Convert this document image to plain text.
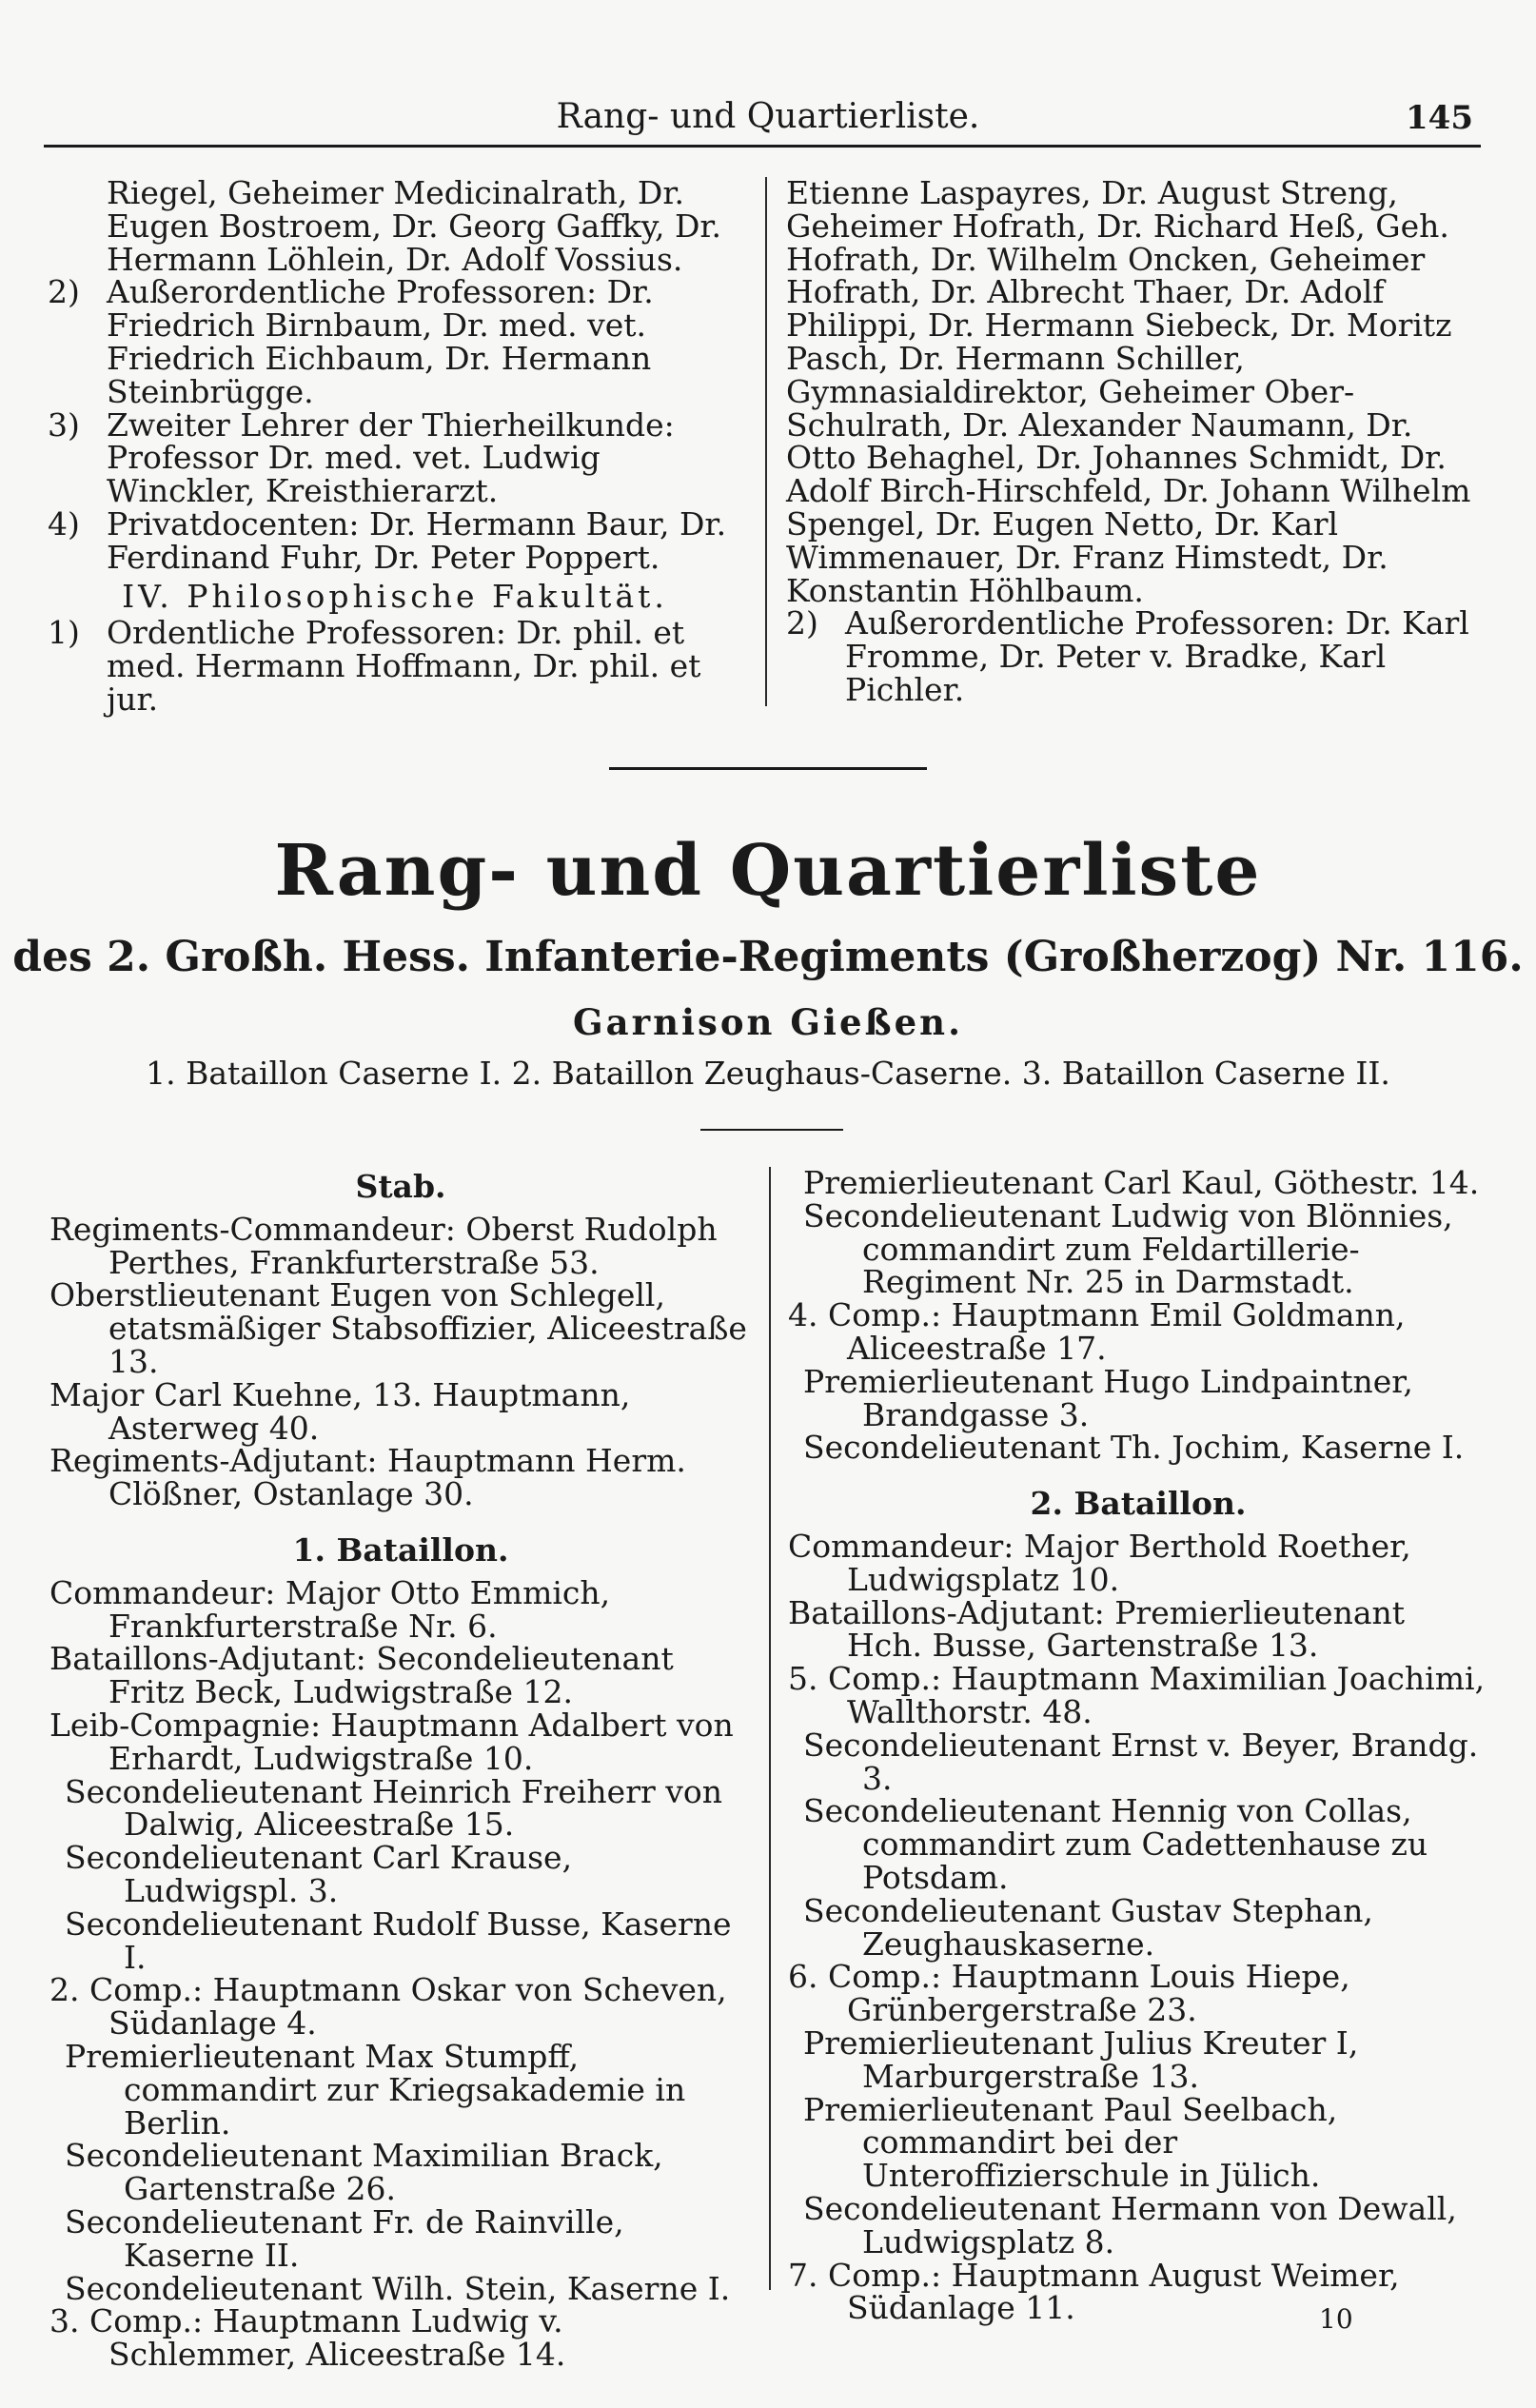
Rang- und Quartierliste.	145

Riegel, Geheimer Medicinalrath, Dr. Eugen Bostroem, Dr. Georg Gaffky, Dr. Hermann Löhlein, Dr. Adolf Vossius.

2) Außerordentliche Professoren: Dr. Friedrich Birnbaum, Dr. med. vet. Friedrich Eichbaum, Dr. Hermann Steinbrügge.

3) Zweiter Lehrer der Thierheilkunde: Professor Dr. med. vet. Ludwig Winckler, Kreisthierarzt.

4) Privatdocenten: Dr. Hermann Baur, Dr. Ferdinand Fuhr, Dr. Peter Poppert.

IV. Philosophische Fakultät.

1) Ordentliche Professoren: Dr. phil. et med. Hermann Hoffmann, Dr. phil. et jur.

Etienne Laspayres, Dr. August Streng, Geheimer Hofrath, Dr. Richard Heß, Geh. Hofrath, Dr. Wilhelm Oncken, Geheimer Hofrath, Dr. Albrecht Thaer, Dr. Adolf Philippi, Dr. Hermann Siebeck, Dr. Moritz Pasch, Dr. Hermann Schiller, Gymnasialdirektor, Geheimer Ober-Schulrath, Dr. Alexander Naumann, Dr. Otto Behaghel, Dr. Johannes Schmidt, Dr. Adolf Birch-Hirschfeld, Dr. Johann Wilhelm Spengel, Dr. Eugen Netto, Dr. Karl Wimmenauer, Dr. Franz Himstedt, Dr. Konstantin Höhlbaum.

2) Außerordentliche Professoren: Dr. Karl Fromme, Dr. Peter v. Bradke, Karl Pichler.

Rang- und Quartierliste
des 2. Großh. Hess. Infanterie-Regiments (Großherzog) Nr. 116.
Garnison Gießen.
1. Bataillon Caserne I. 2. Bataillon Zeughaus-Caserne. 3. Bataillon Caserne II.

Stab.

Regiments-Commandeur: Oberst Rudolph Perthes, Frankfurterstraße 53.

Oberstlieutenant Eugen von Schlegell, etatsmäßiger Stabsoffizier, Aliceestraße 13.

Major Carl Kuehne, 13. Hauptmann, Asterweg 40.

Regiments-Adjutant: Hauptmann Herm. Clößner, Ostanlage 30.

1. Bataillon.

Commandeur: Major Otto Emmich, Frankfurterstraße Nr. 6.

Bataillons-Adjutant: Secondelieutenant Fritz Beck, Ludwigstraße 12.

Leib-Compagnie: Hauptmann Adalbert von Erhardt, Ludwigstraße 10.

Secondelieutenant Heinrich Freiherr von Dalwig, Aliceestraße 15.

Secondelieutenant Carl Krause, Ludwigspl. 3.

Secondelieutenant Rudolf Busse, Kaserne I.

2. Comp.: Hauptmann Oskar von Scheven, Südanlage 4.

Premierlieutenant Max Stumpff, commandirt zur Kriegsakademie in Berlin.

Secondelieutenant Maximilian Brack, Gartenstraße 26.

Secondelieutenant Fr. de Rainville, Kaserne II.

Secondelieutenant Wilh. Stein, Kaserne I.

3. Comp.: Hauptmann Ludwig v. Schlemmer, Aliceestraße 14.

Premierlieutenant Carl Kaul, Göthestr. 14.

Secondelieutenant Ludwig von Blönnies, commandirt zum Feldartillerie-Regiment Nr. 25 in Darmstadt.

4. Comp.: Hauptmann Emil Goldmann, Aliceestraße 17.

Premierlieutenant Hugo Lindpaintner, Brandgasse 3.

Secondelieutenant Th. Jochim, Kaserne I.

2. Bataillon.

Commandeur: Major Berthold Roether, Ludwigsplatz 10.

Bataillons-Adjutant: Premierlieutenant Hch. Busse, Gartenstraße 13.

5. Comp.: Hauptmann Maximilian Joachimi, Wallthorstr. 48.

Secondelieutenant Ernst v. Beyer, Brandg. 3.

Secondelieutenant Hennig von Collas, commandirt zum Cadettenhause zu Potsdam.

Secondelieutenant Gustav Stephan, Zeughauskaserne.

6. Comp.: Hauptmann Louis Hiepe, Grünbergerstraße 23.

Premierlieutenant Julius Kreuter I, Marburgerstraße 13.

Premierlieutenant Paul Seelbach, commandirt bei der Unteroffizierschule in Jülich.

Secondelieutenant Hermann von Dewall, Ludwigsplatz 8.

7. Comp.: Hauptmann August Weimer, Südanlage 11.	10
